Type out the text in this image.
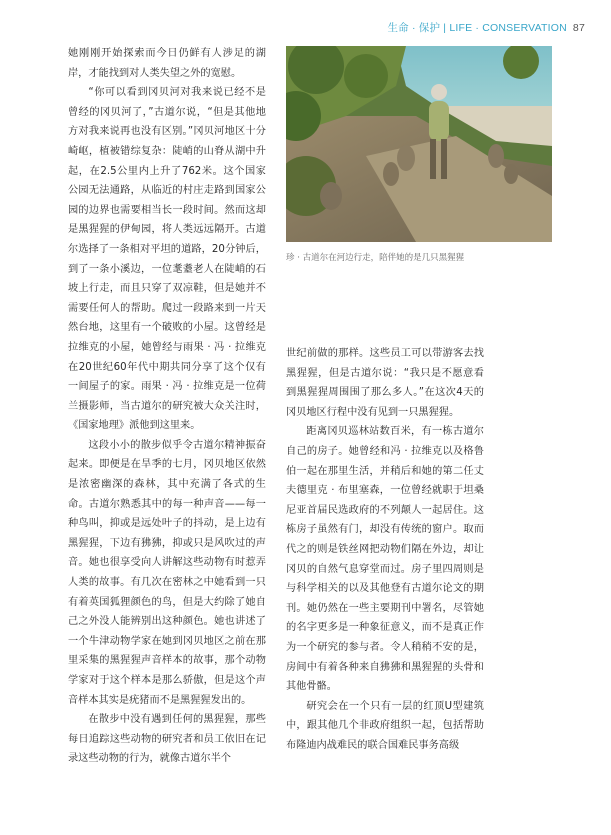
生命 · 保护 | LIFE · CONSERVATION 87

她刚刚开始探索而今日仍鲜有人涉足的湖岸，才能找到对人类失望之外的宽慰。

“你可以看到冈贝河对我来说已经不是曾经的冈贝河了，”古道尔说，“但是其他地方对我来说再也没有区别。”冈贝河地区十分崎岖，植被错综复杂：陡峭的山脊从湖中升起，在2.5公里内上升了762米。这个国家公园无法通路，从临近的村庄走路到国家公园的边界也需要相当长一段时间。然而这却是黑猩猩的伊甸园，将人类远远隔开。古道尔选择了一条相对平坦的道路，20分钟后，到了一条小溪边，一位耄耋老人在陡峭的石坡上行走，而且只穿了双凉鞋，但是她并不需要任何人的帮助。爬过一段路来到一片天然台地，这里有一个破败的小屋。这曾经是拉维克的小屋，她曾经与雨果 · 冯 · 拉维克在20世纪60年代中期共同分享了这个仅有一间屋子的家。雨果 · 冯 · 拉维克是一位荷兰摄影师，当古道尔的研究被大众关注时，《国家地理》派他到这里来。

这段小小的散步似乎令古道尔精神振奋起来。即便是在旱季的七月，冈贝地区依然是浓密幽深的森林，其中充满了各式的生命。古道尔熟悉其中的每一种声音——每一种鸟叫，抑或是远处叶子的抖动，是上边有黑猩猩，下边有狒狒，抑或只是风吹过的声音。她也很享受向人讲解这些动物有时惹弄人类的故事。有几次在密林之中她看到一只有着英国狐狸颜色的鸟，但是大约除了她自己之外没人能辨别出这种颜色。她也讲述了一个牛津动物学家在她到冈贝地区之前在那里采集的黑猩猩声音样本的故事，那个动物学家对于这个样本是那么骄傲，但是这个声音样本其实是疣猪而不是黑猩猩发出的。

在散步中没有遇到任何的黑猩猩，那些每日追踪这些动物的研究者和员工依旧在记录这些动物的行为，就像古道尔半个

珍 · 古道尔在河边行走，陪伴她的是几只黑猩猩

世纪前做的那样。这些员工可以带游客去找黑猩猩，但是古道尔说：“我只是不愿意看到黑猩猩周围围了那么多人。”在这次4天的冈贝地区行程中没有见到一只黑猩猩。

距离冈贝巡林站数百米，有一栋古道尔自己的房子。她曾经和冯 · 拉维克以及格鲁伯一起在那里生活，并稍后和她的第二任丈夫德里克 · 布里塞森，一位曾经就职于坦桑尼亚首届民选政府的不列颠人一起居住。这栋房子虽然有门，却没有传统的窗户。取而代之的则是铁丝网把动物们隔在外边，却让冈贝的自然气息穿堂而过。房子里四周则是与科学相关的以及其他登有古道尔论文的期刊。她仍然在一些主要期刊中署名，尽管她的名字更多是一种象征意义，而不是真正作为一个研究的参与者。令人稍稍不安的是，房间中有着各种来自狒狒和黑猩猩的头骨和其他骨骼。

研究会在一个只有一层的红顶U型建筑中，跟其他几个非政府组织一起，包括帮助布隆迪内战难民的联合国难民事务高级
